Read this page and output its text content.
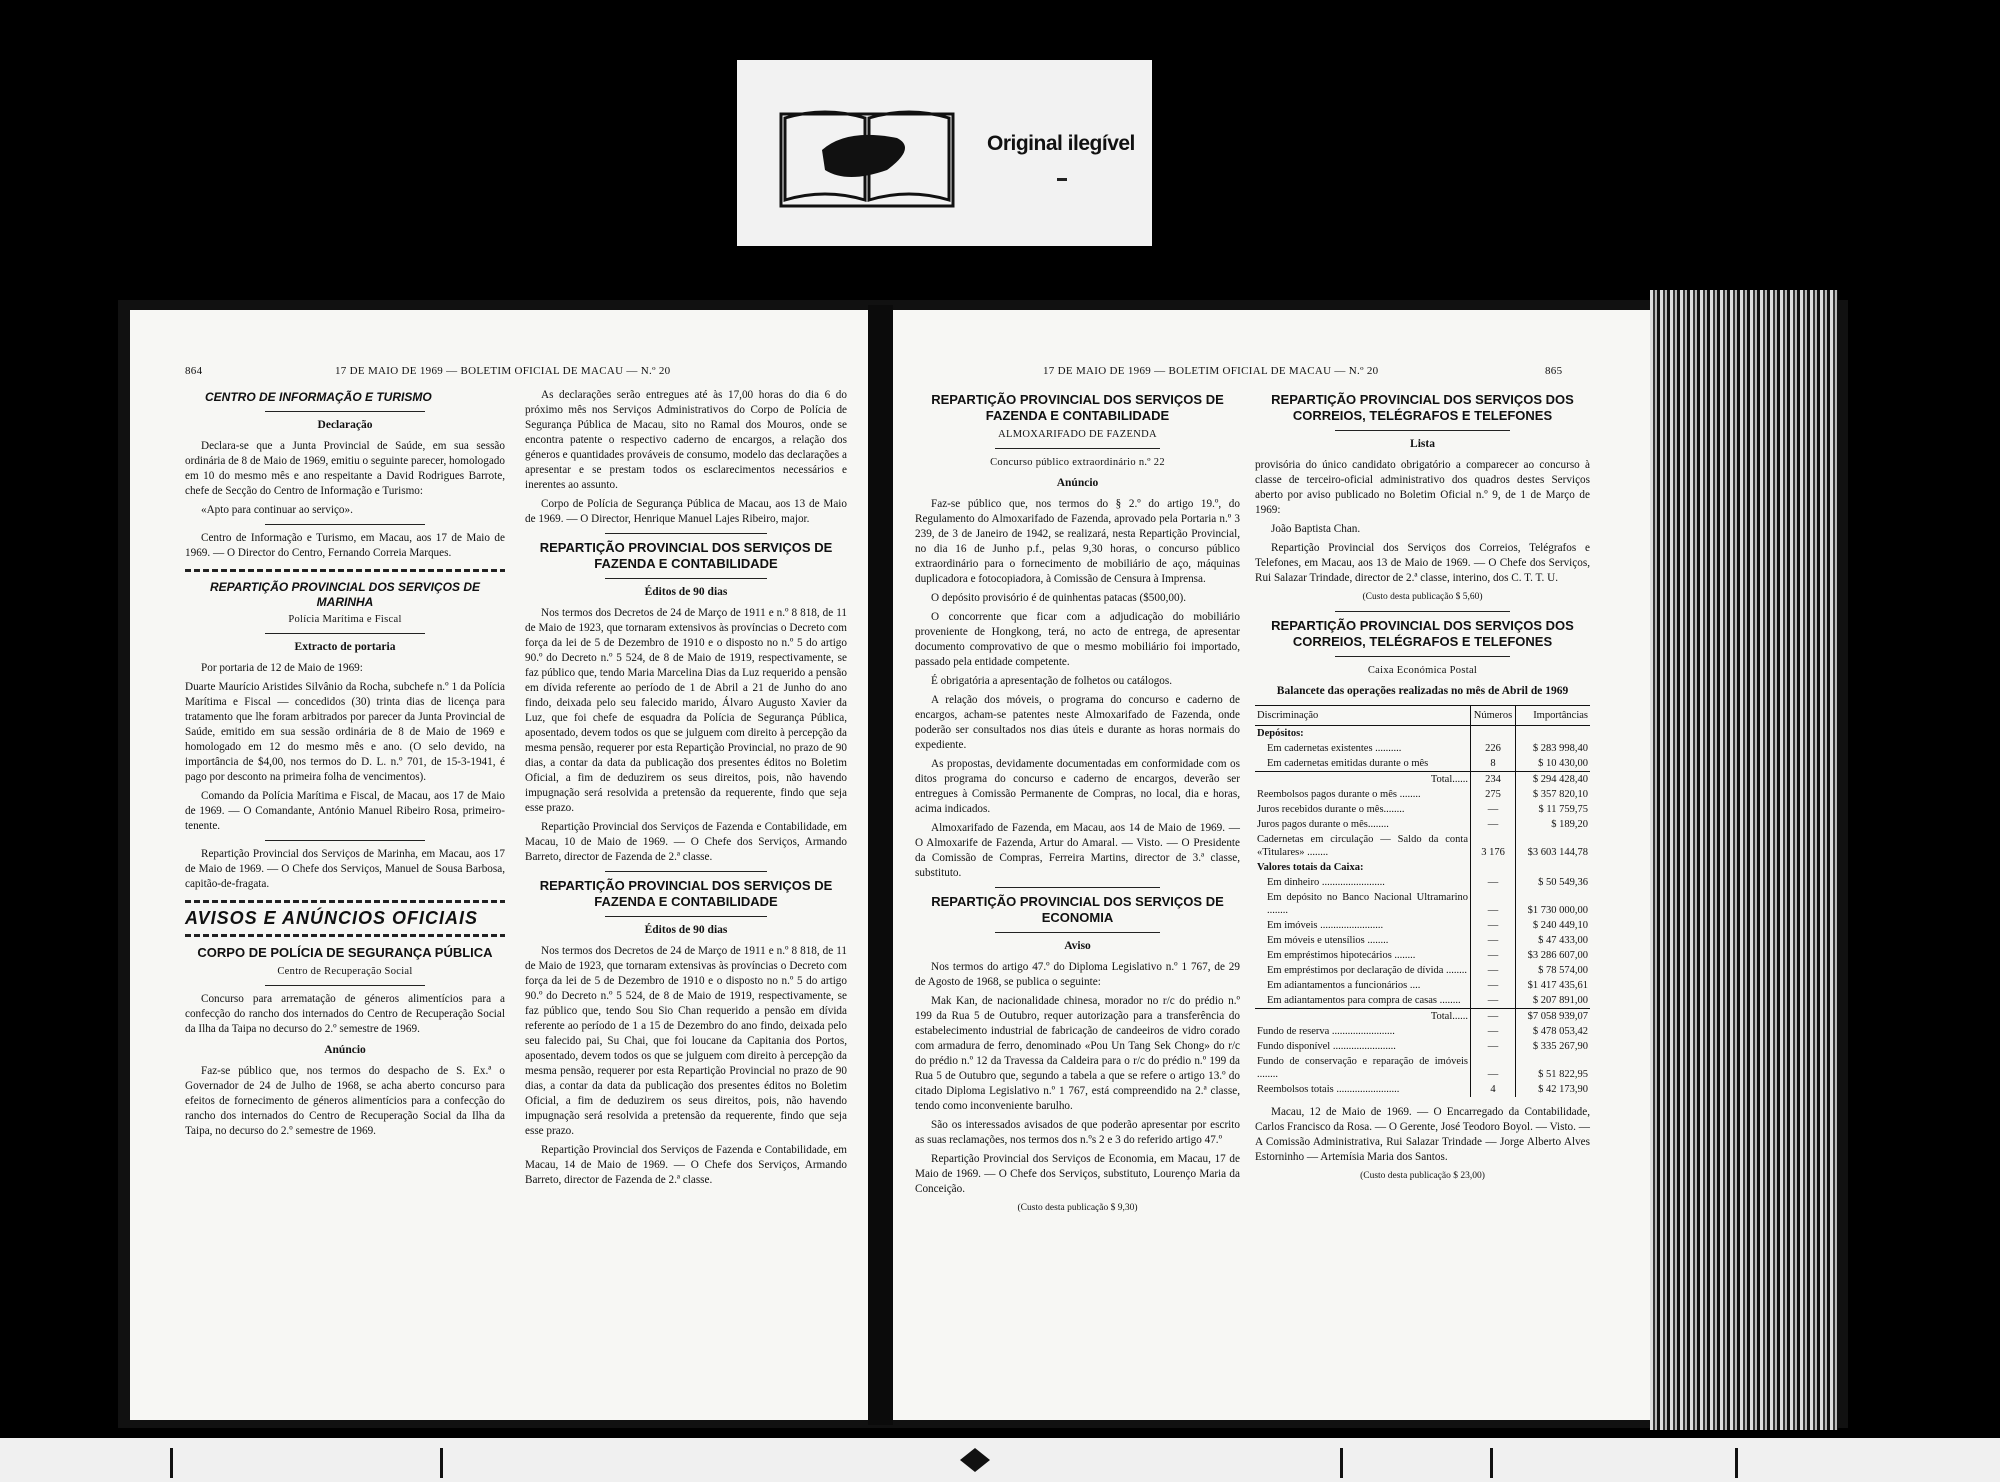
Original ilegível
864	17 DE MAIO DE 1969 — BOLETIM OFICIAL DE MACAU — N.º 20
CENTRO DE INFORMAÇÃO E TURISMO
Declaração

Declara-se que a Junta Provincial de Saúde, em sua sessão ordinária de 8 de Maio de 1969, emitiu o seguinte parecer, homologado em 10 do mesmo mês e ano respeitante a David Rodrigues Barrote, chefe de Secção do Centro de Informação e Turismo:

«Apto para continuar ao serviço».

Centro de Informação e Turismo, em Macau, aos 17 de Maio de 1969. — O Director do Centro, Fernando Correia Marques.

REPARTIÇÃO PROVINCIAL DOS SERVIÇOS DE MARINHA
Polícia Marítima e Fiscal
Extracto de portaria

Por portaria de 12 de Maio de 1969:

Duarte Maurício Aristides Silvânio da Rocha, subchefe n.º 1 da Polícia Marítima e Fiscal — concedidos (30) trinta dias de licença para tratamento que lhe foram arbitrados por parecer da Junta Provincial de Saúde, emitido em sua sessão ordinária de 8 de Maio de 1969 e homologado em 12 do mesmo mês e ano. (O selo devido, na importância de $4,00, nos termos do D. L. n.º 701, de 15-3-1941, é pago por desconto na primeira folha de vencimentos).

Comando da Polícia Marítima e Fiscal, de Macau, aos 17 de Maio de 1969. — O Comandante, António Manuel Ribeiro Rosa, primeiro-tenente.

Repartição Provincial dos Serviços de Marinha, em Macau, aos 17 de Maio de 1969. — O Chefe dos Serviços, Manuel de Sousa Barbosa, capitão-de-fragata.

AVISOS E ANÚNCIOS OFICIAIS
CORPO DE POLÍCIA DE SEGURANÇA PÚBLICA
Centro de Recuperação Social

Concurso para arrematação de géneros alimentícios para a confecção do rancho dos internados do Centro de Recuperação Social da Ilha da Taipa no decurso do 2.º semestre de 1969.

Anúncio

Faz-se público que, nos termos do despacho de S. Ex.ª o Governador de 24 de Julho de 1968, se acha aberto concurso para efeitos de fornecimento de géneros alimentícios para a confecção do rancho dos internados do Centro de Recuperação Social da Ilha da Taipa, no decurso do 2.º semestre de 1969.

As declarações serão entregues até às 17,00 horas do dia 6 do próximo mês nos Serviços Administrativos do Corpo de Polícia de Segurança Pública de Macau, sito no Ramal dos Mouros, onde se encontra patente o respectivo caderno de encargos, a relação dos géneros e quantidades prováveis de consumo, modelo das declarações a apresentar e se prestam todos os esclarecimentos necessários e inerentes ao assunto.

Corpo de Polícia de Segurança Pública de Macau, aos 13 de Maio de 1969. — O Director, Henrique Manuel Lajes Ribeiro, major.

REPARTIÇÃO PROVINCIAL DOS SERVIÇOS DE FAZENDA E CONTABILIDADE
Éditos de 90 dias

Nos termos dos Decretos de 24 de Março de 1911 e n.º 8 818, de 11 de Maio de 1923, que tornaram extensivos às províncias o Decreto com força da lei de 5 de Dezembro de 1910 e o disposto no n.º 5 do artigo 90.º do Decreto n.º 5 524, de 8 de Maio de 1919, respectivamente, se faz público que, tendo Maria Marcelina Dias da Luz requerido a pensão em dívida referente ao período de 1 de Abril a 21 de Junho do ano findo, deixada pelo seu falecido marido, Álvaro Augusto Xavier da Luz, que foi chefe de esquadra da Polícia de Segurança Pública, aposentado, devem todos os que se julguem com direito à percepção da mesma pensão, requerer por esta Repartição Provincial, no prazo de 90 dias, a contar da data da publicação dos presentes éditos no Boletim Oficial, a fim de deduzirem os seus direitos, pois, não havendo impugnação será resolvida a pretensão da requerente, findo que seja esse prazo.

Repartição Provincial dos Serviços de Fazenda e Contabilidade, em Macau, 10 de Maio de 1969. — O Chefe dos Serviços, Armando Barreto, director de Fazenda de 2.ª classe.

REPARTIÇÃO PROVINCIAL DOS SERVIÇOS DE FAZENDA E CONTABILIDADE
Éditos de 90 dias

Nos termos dos Decretos de 24 de Março de 1911 e n.º 8 818, de 11 de Maio de 1923, que tornaram extensivas às províncias o Decreto com força da lei de 5 de Dezembro de 1910 e o disposto no n.º 5 do artigo 90.º do Decreto n.º 5 524, de 8 de Maio de 1919, respectivamente, se faz público que, tendo Sou Sio Chan requerido a pensão em dívida referente ao período de 1 a 15 de Dezembro do ano findo, deixada pelo seu falecido pai, Su Chai, que foi loucane da Capitania dos Portos, aposentado, devem todos os que se julguem com direito à percepção da mesma pensão, requerer por esta Repartição Provincial no prazo de 90 dias, a contar da data da publicação dos presentes éditos no Boletim Oficial, a fim de deduzirem os seus direitos, pois, não havendo impugnação será resolvida a pretensão da requerente, findo que seja esse prazo.

Repartição Provincial dos Serviços de Fazenda e Contabilidade, em Macau, 14 de Maio de 1969. — O Chefe dos Serviços, Armando Barreto, director de Fazenda de 2.ª classe.

17 DE MAIO DE 1969 — BOLETIM OFICIAL DE MACAU — N.º 20	865
REPARTIÇÃO PROVINCIAL DOS SERVIÇOS DE FAZENDA E CONTABILIDADE
ALMOXARIFADO DE FAZENDA
Concurso público extraordinário n.º 22
Anúncio

Faz-se público que, nos termos do § 2.º do artigo 19.º, do Regulamento do Almoxarifado de Fazenda, aprovado pela Portaria n.º 3 239, de 3 de Janeiro de 1942, se realizará, nesta Repartição Provincial, no dia 16 de Junho p.f., pelas 9,30 horas, o concurso público extraordinário para o fornecimento de mobiliário de aço, máquinas duplicadora e fotocopiadora, à Comissão de Censura à Imprensa.

O depósito provisório é de quinhentas patacas ($500,00).

O concorrente que ficar com a adjudicação do mobiliário proveniente de Hongkong, terá, no acto de entrega, de apresentar documento comprovativo de que o mesmo mobiliário foi importado, passado pela entidade competente.

É obrigatória a apresentação de folhetos ou catálogos.

A relação dos móveis, o programa do concurso e caderno de encargos, acham-se patentes neste Almoxarifado de Fazenda, onde poderão ser consultados nos dias úteis e durante as horas normais do expediente.

As propostas, devidamente documentadas em conformidade com os ditos programa do concurso e caderno de encargos, deverão ser entregues à Comissão Permanente de Compras, no local, dia e horas, acima indicados.

Almoxarifado de Fazenda, em Macau, aos 14 de Maio de 1969. — O Almoxarife de Fazenda, Artur do Amaral. — Visto. — O Presidente da Comissão de Compras, Ferreira Martins, director de 3.ª classe, substituto.

REPARTIÇÃO PROVINCIAL DOS SERVIÇOS DE ECONOMIA
Aviso

Nos termos do artigo 47.º do Diploma Legislativo n.º 1 767, de 29 de Agosto de 1968, se publica o seguinte:

Mak Kan, de nacionalidade chinesa, morador no r/c do prédio n.º 199 da Rua 5 de Outubro, requer autorização para a transferência do estabelecimento industrial de fabricação de candeeiros de vidro corado com armadura de ferro, denominado «Pou Un Tang Sek Chong» do r/c do prédio n.º 12 da Travessa da Caldeira para o r/c do prédio n.º 199 da Rua 5 de Outubro que, segundo a tabela a que se refere o artigo 13.º do citado Diploma Legislativo n.º 1 767, está compreendido na 2.ª classe, tendo como inconveniente barulho.

São os interessados avisados de que poderão apresentar por escrito as suas reclamações, nos termos dos n.ºs 2 e 3 do referido artigo 47.º

Repartição Provincial dos Serviços de Economia, em Macau, 17 de Maio de 1969. — O Chefe dos Serviços, substituto, Lourenço Maria da Conceição.

(Custo desta publicação $ 9,30)
REPARTIÇÃO PROVINCIAL DOS SERVIÇOS DOS CORREIOS, TELÉGRAFOS E TELEFONES
Lista

provisória do único candidato obrigatório a comparecer ao concurso à classe de terceiro-oficial administrativo dos quadros destes Serviços aberto por aviso publicado no Boletim Oficial n.º 9, de 1 de Março de 1969:

João Baptista Chan.

Repartição Provincial dos Serviços dos Correios, Telégrafos e Telefones, em Macau, aos 13 de Maio de 1969. — O Chefe dos Serviços, Rui Salazar Trindade, director de 2.ª classe, interino, dos C. T. T. U.

(Custo desta publicação $ 5,60)
REPARTIÇÃO PROVINCIAL DOS SERVIÇOS DOS CORREIOS, TELÉGRAFOS E TELEFONES
Caixa Económica Postal
Balancete das operações realizadas no mês de Abril de 1969
Discriminação	Números	Importâncias
Depósitos:		
Em cadernetas existentes ..........	226	$ 283 998,40
Em cadernetas emitidas durante o mês	8	$ 10 430,00
Total......	234	$ 294 428,40
Reembolsos pagos durante o mês ........	275	$ 357 820,10
Juros recebidos durante o mês........	—	$ 11 759,75
Juros pagos durante o mês........	—	$ 189,20
Cadernetas em circulação — Saldo da conta «Titulares» ........	3 176	$3 603 144,78
Valores totais da Caixa:		
Em dinheiro ........................	—	$ 50 549,36
Em depósito no Banco Nacional Ultramarino ........	—	$1 730 000,00
Em imóveis ........................	—	$ 240 449,10
Em móveis e utensílios ........	—	$ 47 433,00
Em empréstimos hipotecários ........	—	$3 286 607,00
Em empréstimos por declaração de dívida ........	—	$ 78 574,00
Em adiantamentos a funcionários ....	—	$1 417 435,61
Em adiantamentos para compra de casas ........	—	$ 207 891,00
Total......	—	$7 058 939,07
Fundo de reserva ........................	—	$ 478 053,42
Fundo disponível ........................	—	$ 335 267,90
Fundo de conservação e reparação de imóveis ........	—	$ 51 822,95
Reembolsos totais ........................	4	$ 42 173,90

Macau, 12 de Maio de 1969. — O Encarregado da Contabilidade, Carlos Francisco da Rosa. — O Gerente, José Teodoro Boyol. — Visto. — A Comissão Administrativa, Rui Salazar Trindade — Jorge Alberto Alves Estorninho — Artemísia Maria dos Santos.

(Custo desta publicação $ 23,00)
